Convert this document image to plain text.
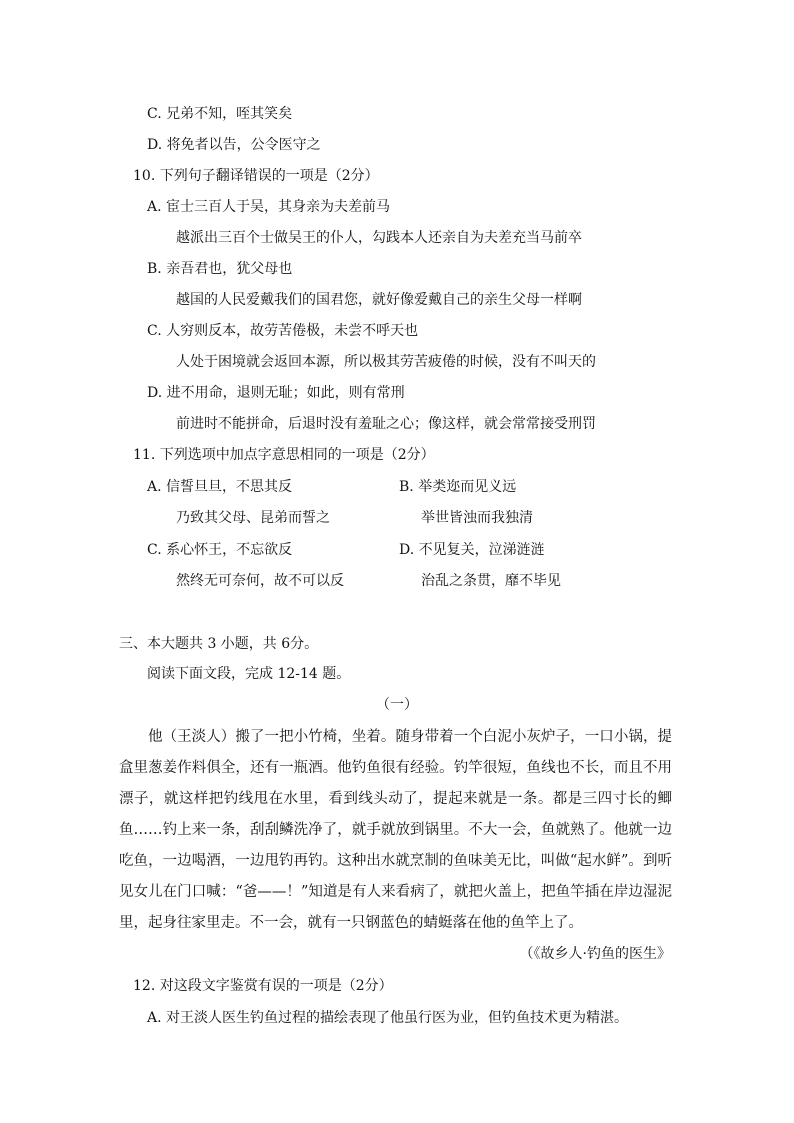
C. 兄弟不知，咥其笑矣
D. 将免者以告，公令医守之
10. 下列句子翻译错误的一项是（2分）
A. 宦士三百人于吴，其身亲为夫差前马
越派出三百个士做吴王的仆人，勾践本人还亲自为夫差充当马前卒
B. 亲吾君也，犹父母也
越国的人民爱戴我们的国君您，就好像爱戴自己的亲生父母一样啊
C. 人穷则反本，故劳苦倦极，未尝不呼天也
人处于困境就会返回本源，所以极其劳苦疲倦的时候，没有不叫天的
D. 进不用命，退则无耻；如此，则有常刑
前进时不能拼命，后退时没有羞耻之心；像这样，就会常常接受刑罚
11. 下列选项中加点字意思相同的一项是（2分）
A. 信誓旦旦，不思其反	B. 举类迩而见义远
乃致其父母、昆弟而誓之	举世皆浊而我独清
C. 系心怀王，不忘欲反	D. 不见复关，泣涕涟涟
然终无可奈何，故不可以反	治乱之条贯，靡不毕见
三、本大题共 3 小题，共 6分。
阅读下面文段，完成 12-14 题。
（一）
他（王淡人）搬了一把小竹椅，坐着。随身带着一个白泥小灰炉子，一口小锅，提盒里葱姜作料俱全，还有一瓶酒。他钓鱼很有经验。钓竿很短，鱼线也不长，而且不用漂子，就这样把钓线甩在水里，看到线头动了，提起来就是一条。都是三四寸长的鲫鱼……钓上来一条，刮刮鳞洗净了，就手就放到锅里。不大一会，鱼就熟了。他就一边吃鱼，一边喝酒，一边甩钓再钓。这种出水就烹制的鱼味美无比，叫做“起水鲜”。到听见女儿在门口喊：“爸——！”知道是有人来看病了，就把火盖上，把鱼竿插在岸边湿泥里，起身往家里走。不一会，就有一只钢蓝色的蜻蜓落在他的鱼竿上了。
（《故乡人·钓鱼的医生》
12. 对这段文字鉴赏有误的一项是（2分）
A. 对王淡人医生钓鱼过程的描绘表现了他虽行医为业，但钓鱼技术更为精湛。
